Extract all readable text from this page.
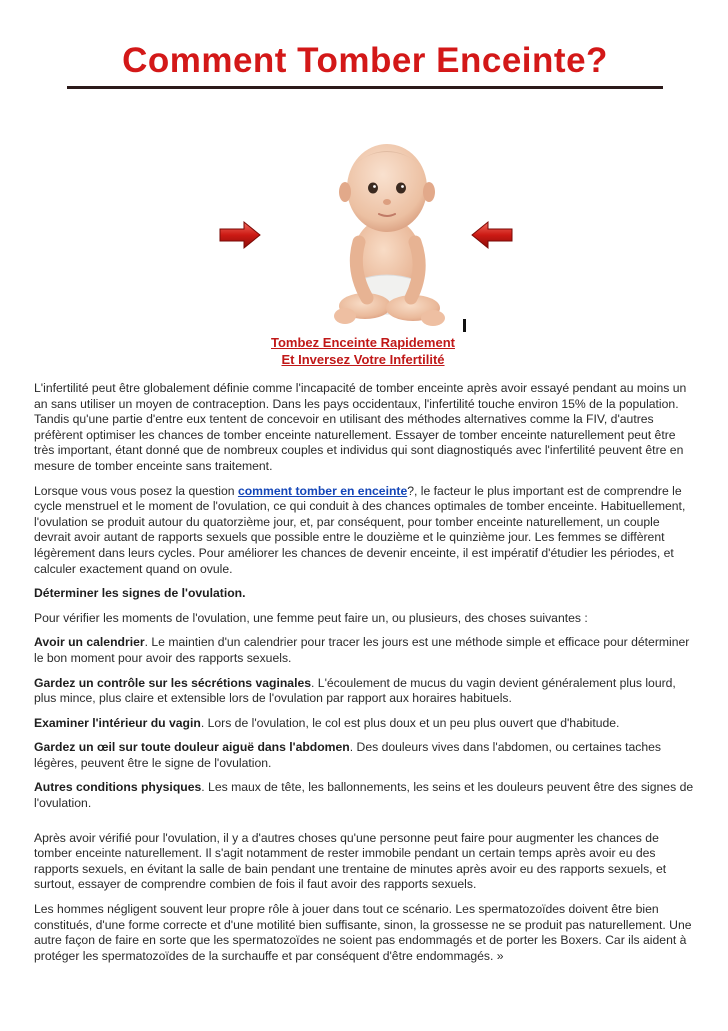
Comment Tomber Enceinte?
Tombez Enceinte Rapidement
Et Inversez Votre Infertilité

L'infertilité peut être globalement définie comme l'incapacité de tomber enceinte après avoir essayé pendant au moins un an sans utiliser un moyen de contraception. Dans les pays occidentaux, l'infertilité touche environ 15% de la population. Tandis qu'une partie d'entre eux tentent de concevoir en utilisant des méthodes alternatives comme la FIV, d'autres préfèrent optimiser les chances de tomber enceinte naturellement. Essayer de tomber enceinte naturellement peut être très important, étant donné que de nombreux couples et individus qui sont diagnostiqués avec l'infertilité peuvent être en mesure de tomber enceinte sans traitement.

Lorsque vous vous posez la question comment tomber en enceinte?, le facteur le plus important est de comprendre le cycle menstruel et le moment de l'ovulation, ce qui conduit à des chances optimales de tomber enceinte. Habituellement, l'ovulation se produit autour du quatorzième jour, et, par conséquent, pour tomber enceinte naturellement, un couple devrait avoir autant de rapports sexuels que possible entre le douzième et le quinzième jour. Les femmes se diffèrent légèrement dans leurs cycles. Pour améliorer les chances de devenir enceinte, il est impératif d'étudier les périodes, et calculer exactement quand on ovule.

Déterminer les signes de l'ovulation.

Pour vérifier les moments de l'ovulation, une femme peut faire un, ou plusieurs, des choses suivantes :

Avoir un calendrier. Le maintien d'un calendrier pour tracer les jours est une méthode simple et efficace pour déterminer le bon moment pour avoir des rapports sexuels.

Gardez un contrôle sur les sécrétions vaginales. L'écoulement de mucus du vagin devient généralement plus lourd, plus mince, plus claire et extensible lors de l'ovulation par rapport aux horaires habituels.

Examiner l'intérieur du vagin. Lors de l'ovulation, le col est plus doux et un peu plus ouvert que d'habitude.

Gardez un œil sur toute douleur aiguë dans l'abdomen. Des douleurs vives dans l'abdomen, ou certaines taches légères, peuvent être le signe de l'ovulation.

Autres conditions physiques. Les maux de tête, les ballonnements, les seins et les douleurs peuvent être des signes de l'ovulation.

Après avoir vérifié pour l'ovulation, il y a d'autres choses qu'une personne peut faire pour augmenter les chances de tomber enceinte naturellement. Il s'agit notamment de rester immobile pendant un certain temps après avoir eu des rapports sexuels, en évitant la salle de bain pendant une trentaine de minutes après avoir eu des rapports sexuels, et surtout, essayer de comprendre combien de fois il faut avoir des rapports sexuels.

Les hommes négligent souvent leur propre rôle à jouer dans tout ce scénario. Les spermatozoïdes doivent être bien constitués, d'une forme correcte et d'une motilité bien suffisante, sinon, la grossesse ne se produit pas naturellement. Une autre façon de faire en sorte que les spermatozoïdes ne soient pas endommagés et de porter les Boxers. Car ils aident à protéger les spermatozoïdes de la surchauffe et par conséquent d'être endommagés. »
